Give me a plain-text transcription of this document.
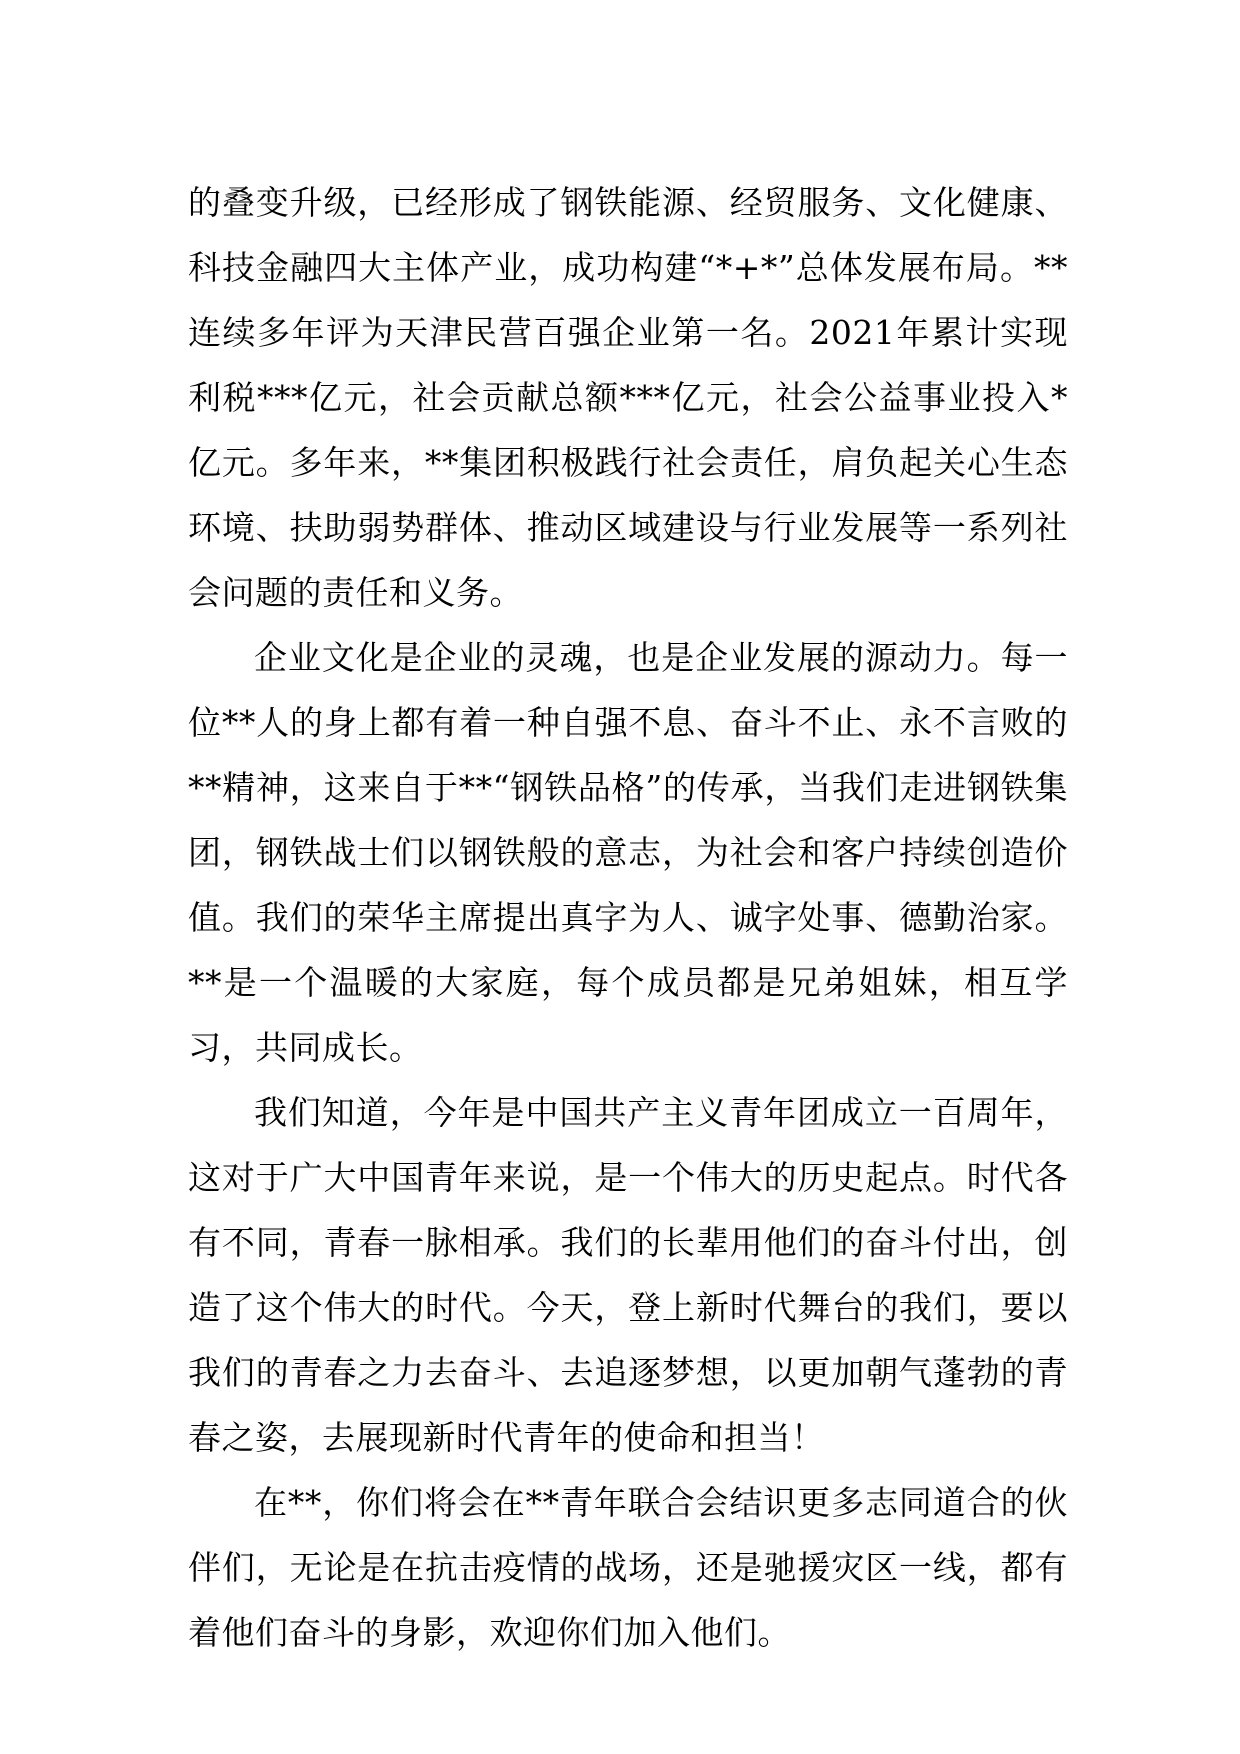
的叠变升级，已经形成了钢铁能源、经贸服务、文化健康、科技金融四大主体产业，成功构建“*+*”总体发展布局。**连续多年评为天津民营百强企业第一名。2021年累计实现利税***亿元，社会贡献总额***亿元，社会公益事业投入*亿元。多年来，**集团积极践行社会责任，肩负起关心生态环境、扶助弱势群体、推动区域建设与行业发展等一系列社会问题的责任和义务。

企业文化是企业的灵魂，也是企业发展的源动力。每一位**人的身上都有着一种自强不息、奋斗不止、永不言败的**精神，这来自于**“钢铁品格”的传承，当我们走进钢铁集团，钢铁战士们以钢铁般的意志，为社会和客户持续创造价值。我们的荣华主席提出真字为人、诚字处事、德勤治家。**是一个温暖的大家庭，每个成员都是兄弟姐妹，相互学习，共同成长。

我们知道，今年是中国共产主义青年团成立一百周年，这对于广大中国青年来说，是一个伟大的历史起点。时代各有不同，青春一脉相承。我们的长辈用他们的奋斗付出，创造了这个伟大的时代。今天，登上新时代舞台的我们，要以我们的青春之力去奋斗、去追逐梦想，以更加朝气蓬勃的青春之姿，去展现新时代青年的使命和担当！

在**，你们将会在**青年联合会结识更多志同道合的伙伴们，无论是在抗击疫情的战场，还是驰援灾区一线，都有着他们奋斗的身影，欢迎你们加入他们。
